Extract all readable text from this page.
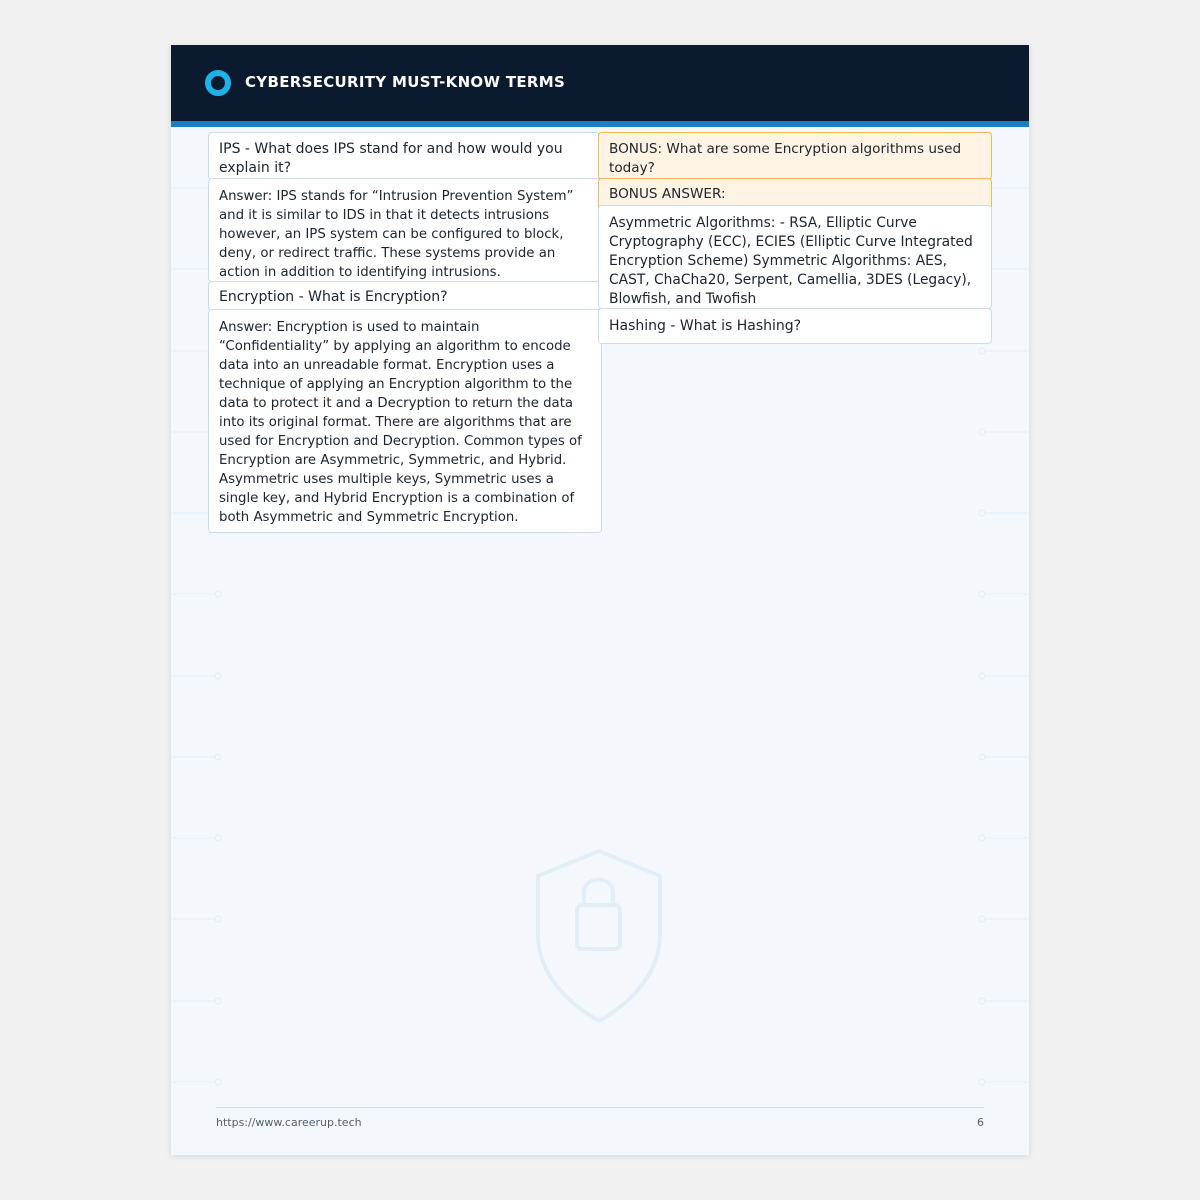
CYBERSECURITY MUST-KNOW TERMS
IPS - What does IPS stand for and how would you explain it?
Answer: IPS stands for “Intrusion Prevention System” and it is similar to IDS in that it detects intrusions however, an IPS system can be configured to block, deny, or redirect traffic. These systems provide an action in addition to identifying intrusions.
Encryption - What is Encryption?
Answer: Encryption is used to maintain “Confidentiality” by applying an algorithm to encode data into an unreadable format. Encryption uses a technique of applying an Encryption algorithm to the data to protect it and a Decryption to return the data into its original format. There are algorithms that are used for Encryption and Decryption. Common types of Encryption are Asymmetric, Symmetric, and Hybrid. Asymmetric uses multiple keys, Symmetric uses a single key, and Hybrid Encryption is a combination of both Asymmetric and Symmetric Encryption.
BONUS: What are some Encryption algorithms used today?
BONUS ANSWER:
Asymmetric Algorithms: - RSA, Elliptic Curve Cryptography (ECC), ECIES (Elliptic Curve Integrated Encryption Scheme) Symmetric Algorithms: AES, CAST, ChaCha20, Serpent, Camellia, 3DES (Legacy), Blowfish, and Twofish
Hashing - What is Hashing?
https://www.careerup.tech	6
